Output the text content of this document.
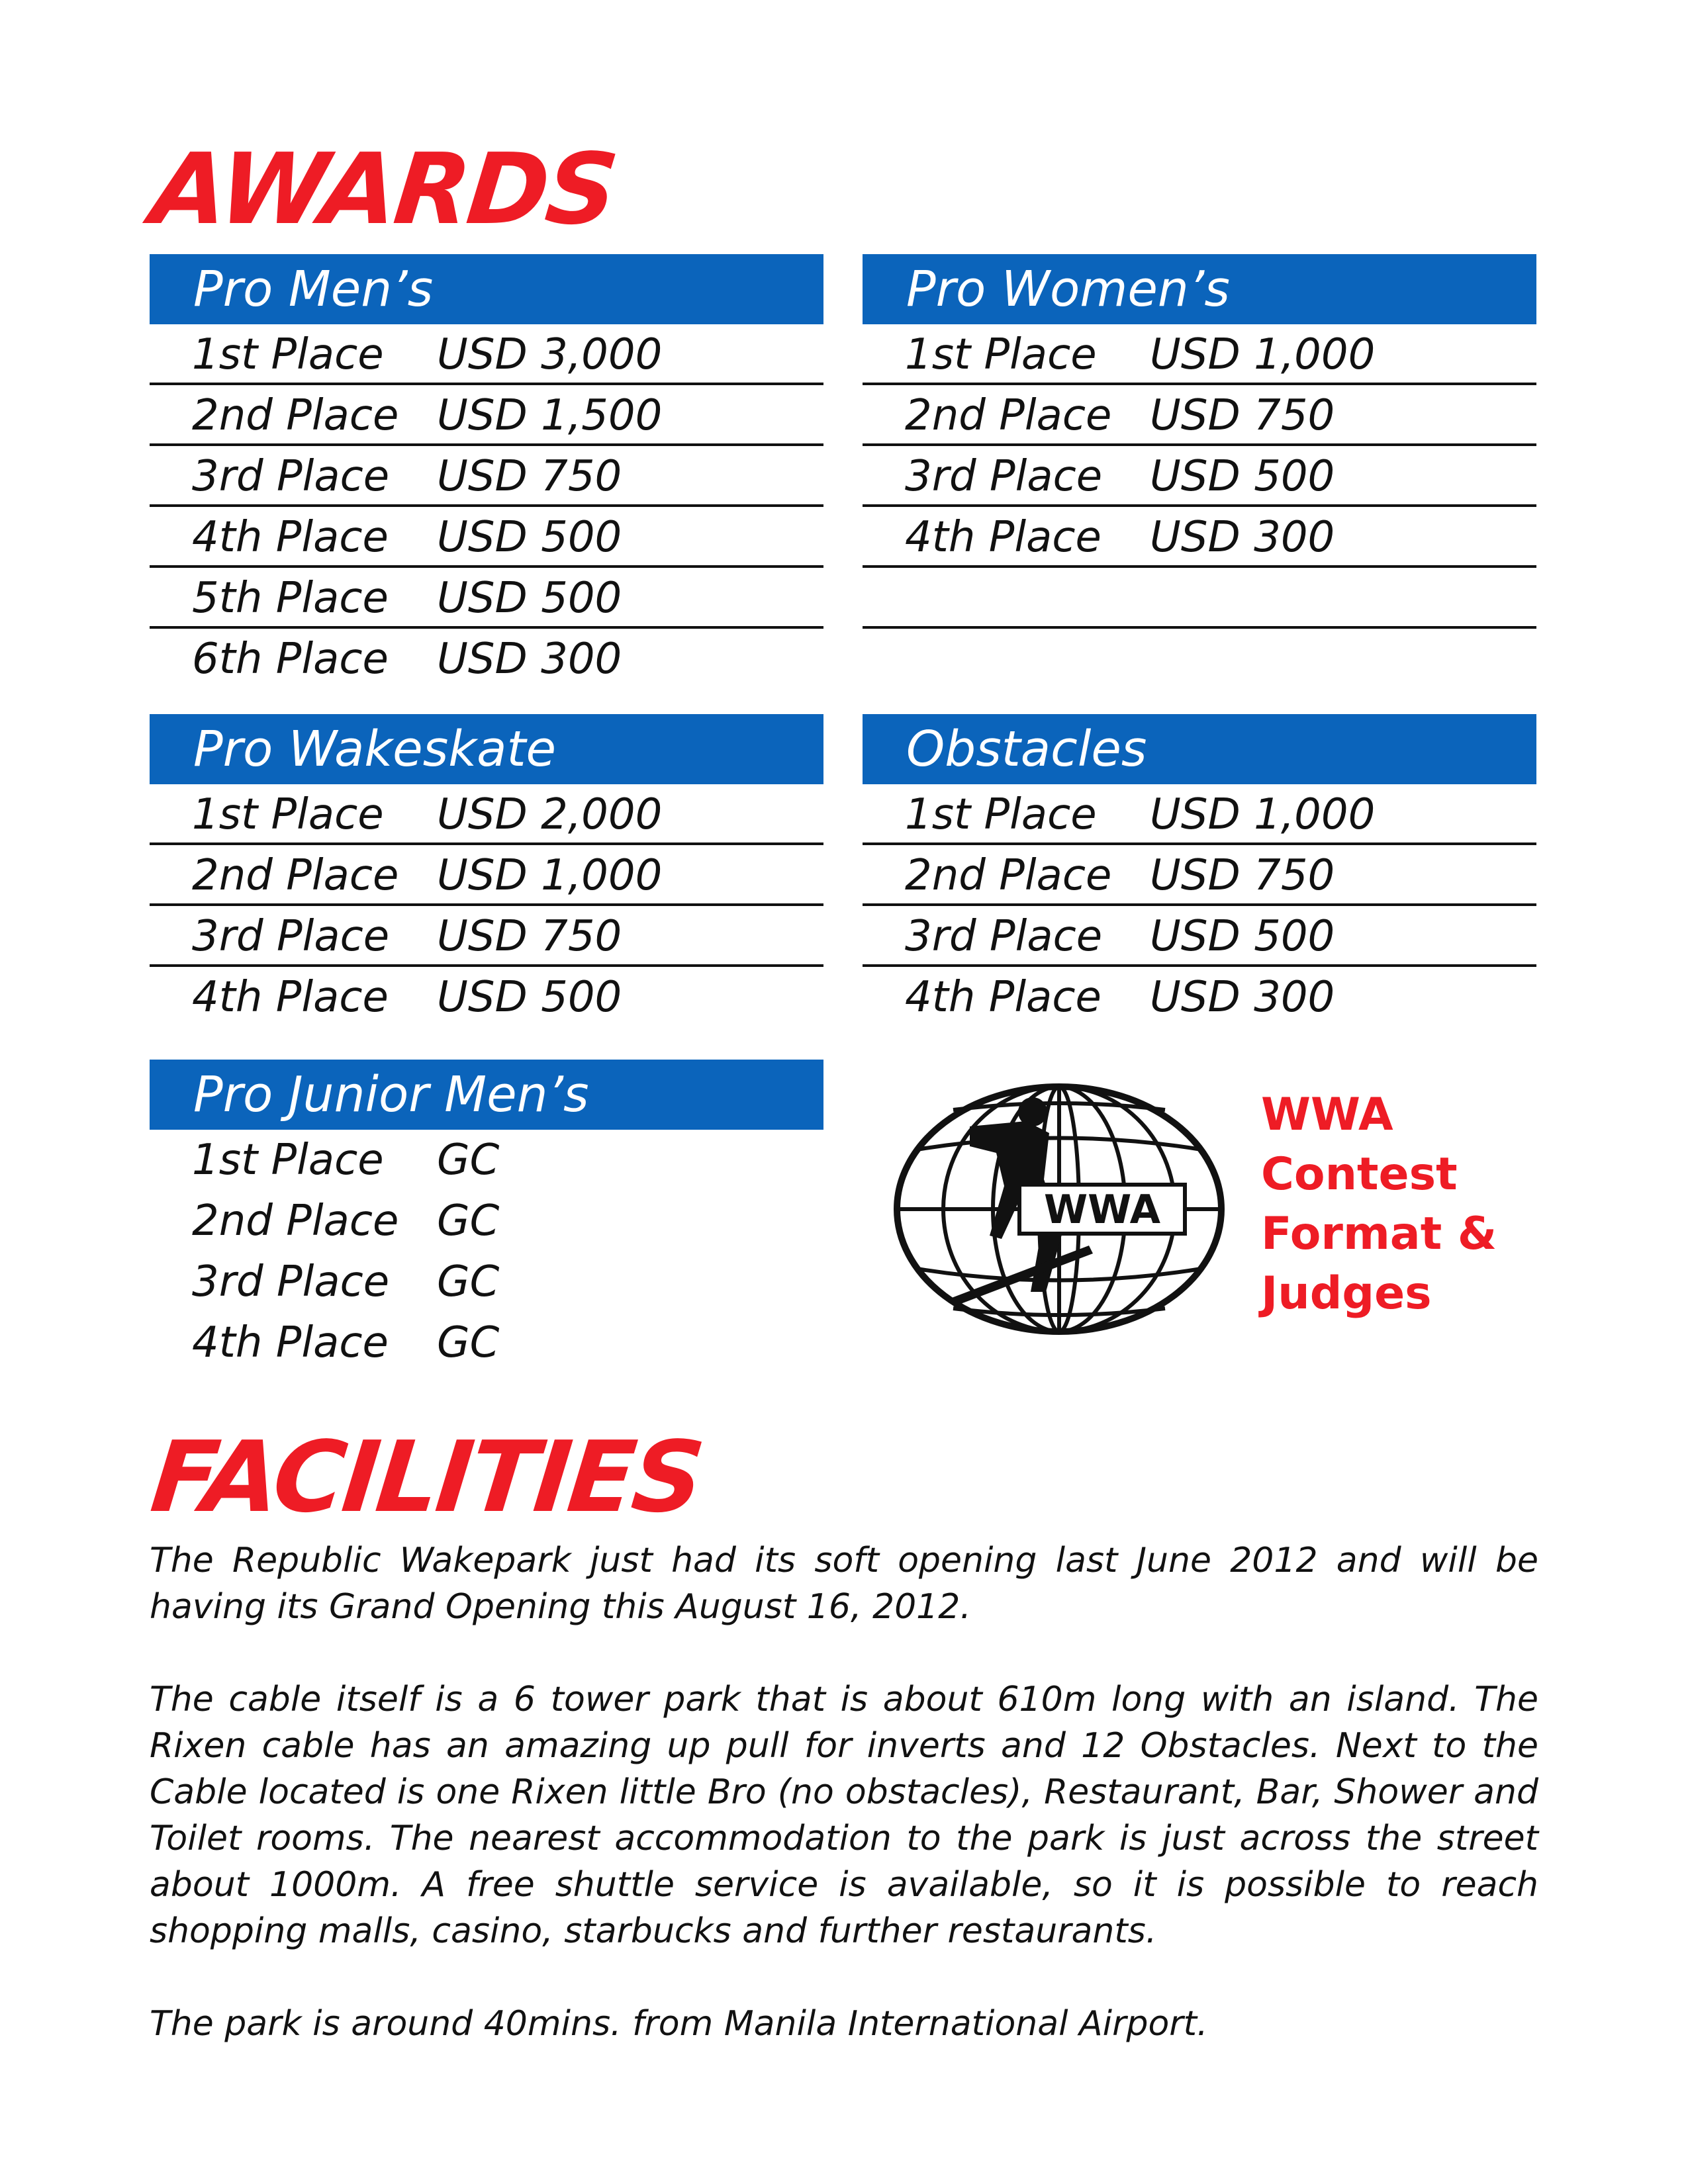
AWARDS
Pro Men’s
1st Place USD 3,000
2nd Place USD 1,500
3rd Place USD 750
4th Place USD 500
5th Place USD 500
6th Place USD 300
Pro Women’s
1st Place USD 1,000
2nd Place USD 750
3rd Place USD 500
4th Place USD 300
Pro Wakeskate
1st Place USD 2,000
2nd Place USD 1,000
3rd Place USD 750
4th Place USD 500
Obstacles
1st Place USD 1,000
2nd Place USD 750
3rd Place USD 500
4th Place USD 300
Pro Junior Men’s
1st Place GC
2nd Place GC
3rd Place GC
4th Place GC
WWA
WWA
Contest
Format &
Judges
FACILITIES

The Republic Wakepark just had its soft opening last June 2012 and will be having its Grand Opening this August 16, 2012.

The cable itself is a 6 tower park that is about 610m long with an island. The Rixen cable has an amazing up pull for inverts and 12 Obstacles. Next to the Cable located is one Rixen little Bro (no obstacles), Restaurant, Bar, Shower and Toilet rooms. The nearest accommodation to the park is just across the street about 1000m. A free shuttle service is available, so it is possible to reach shopping malls, casino, starbucks and further restaurants.

The park is around 40mins. from Manila International Airport.
